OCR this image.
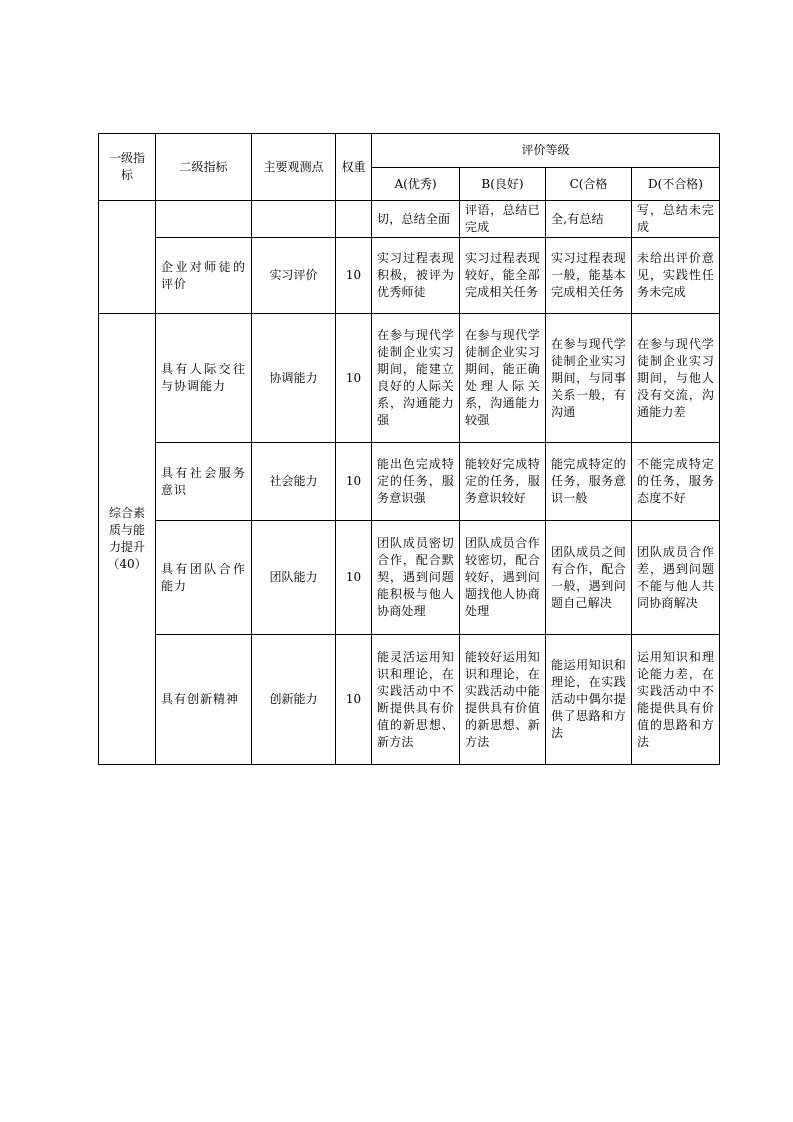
一级指标	二级指标	主要观测点	权重	评价等级			
				A(优秀)	B(良好)	C(合格	D(不合格)
				切，总结全面	评语，总结已完成	全,有总结	写，总结未完成
	企业对师徒的评价	实习评价	10	实习过程表现积极，被评为优秀师徒	实习过程表现较好，能全部完成相关任务	实习过程表现一般，能基本完成相关任务	未给出评价意见，实践性任务未完成
综合素质与能力提升（40）	具有人际交往与协调能力	协调能力	10	在参与现代学徒制企业实习期间，能建立良好的人际关系，沟通能力强	在参与现代学徒制企业实习期间，能正确处理人际关系，沟通能力较强	在参与现代学徒制企业实习期间，与同事关系一般，有沟通	在参与现代学徒制企业实习期间，与他人没有交流，沟通能力差
	具有社会服务意识	社会能力	10	能出色完成特定的任务，服务意识强	能较好完成特定的任务，服务意识较好	能完成特定的任务，服务意识一般	不能完成特定的任务，服务态度不好
	具有团队合作能力	团队能力	10	团队成员密切合作，配合默契，遇到问题能积极与他人协商处理	团队成员合作较密切，配合较好，遇到问题找他人协商处理	团队成员之间有合作，配合一般，遇到问题自己解决	团队成员合作差，遇到问题不能与他人共同协商解决
	具有创新精神	创新能力	10	能灵活运用知识和理论，在实践活动中不断提供具有价值的新思想、新方法	能较好运用知识和理论，在实践活动中能提供具有价值的新思想、新方法	能运用知识和理论，在实践活动中偶尔提供了思路和方法	运用知识和理论能力差，在实践活动中不能提供具有价值的思路和方法
